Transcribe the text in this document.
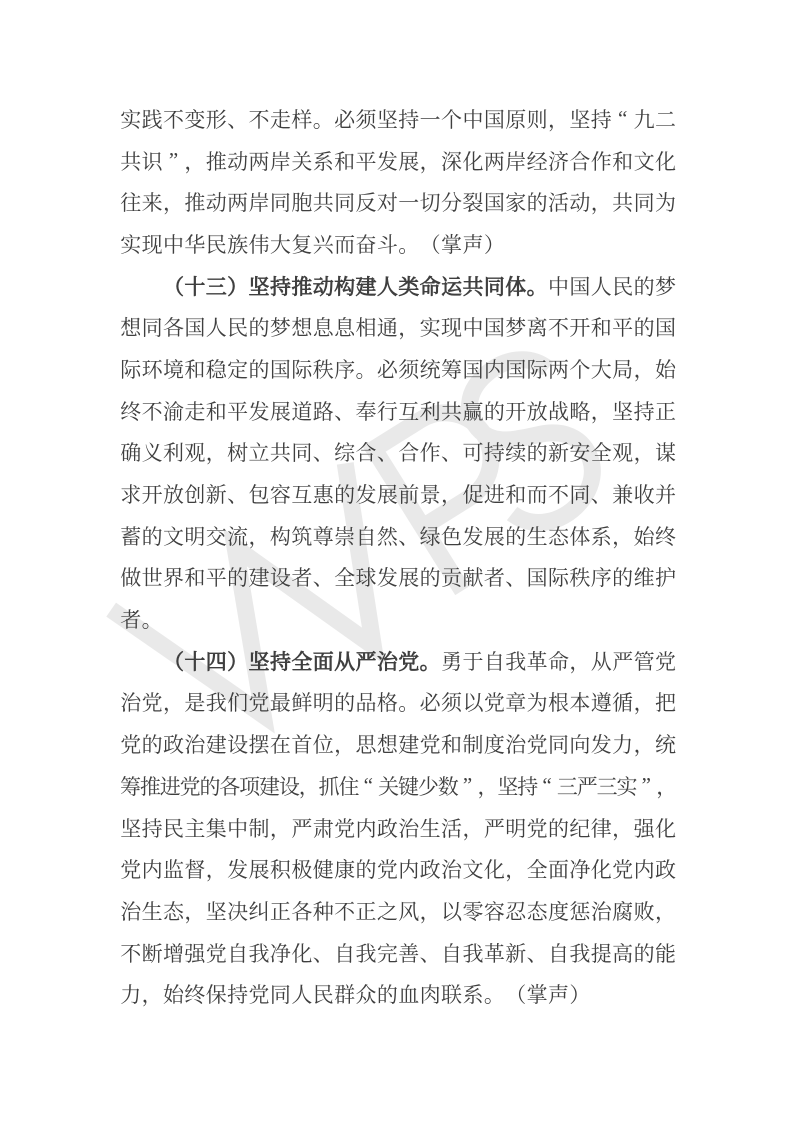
实 践 不 变 形 、 不 走 样 。 必 须 坚 持 一 个 中 国 原 则 ， 坚 持 “ 九 二
共 识 ” ， 推 动 两 岸 关 系 和 平 发 展 ， 深 化 两 岸 经 济 合 作 和 文 化
往 来 ， 推 动 两 岸 同 胞 共 同 反 对 一 切 分 裂 国 家 的 活 动 ， 共 同 为
实 现 中 华 民 族 伟 大 复 兴 而 奋 斗 。 （ 掌 声 ）
（ 十 三 ） 坚 持 推 动 构 建 人 类 命 运 共 同 体 。 中 国 人 民 的 梦
想 同 各 国 人 民 的 梦 想 息 息 相 通 ， 实 现 中 国 梦 离 不 开 和 平 的 国
际 环 境 和 稳 定 的 国 际 秩 序 。 必 须 统 筹 国 内 国 际 两 个 大 局 ， 始
终 不 渝 走 和 平 发 展 道 路 、 奉 行 互 利 共 赢 的 开 放 战 略 ， 坚 持 正
确 义 利 观 ， 树 立 共 同 、 综 合 、 合 作 、 可 持 续 的 新 安 全 观 ， 谋
求 开 放 创 新 、 包 容 互 惠 的 发 展 前 景 ， 促 进 和 而 不 同 、 兼 收 并
蓄 的 文 明 交 流 ， 构 筑 尊 崇 自 然 、 绿 色 发 展 的 生 态 体 系 ， 始 终
做 世 界 和 平 的 建 设 者 、 全 球 发 展 的 贡 献 者 、 国 际 秩 序 的 维 护
者 。
（ 十 四 ） 坚 持 全 面 从 严 治 党 。 勇 于 自 我 革 命 ， 从 严 管 党
治 党 ， 是 我 们 党 最 鲜 明 的 品 格 。 必 须 以 党 章 为 根 本 遵 循 ， 把
党 的 政 治 建 设 摆 在 首 位 ， 思 想 建 党 和 制 度 治 党 同 向 发 力 ， 统
筹
推
进
党
的
各
项
建
设
，
抓
住 “ 关
键
少
数 ” ，
坚
持 “ 三
严
三
实 ” ，
坚 持 民 主 集 中 制 ， 严 肃 党 内 政 治 生 活 ， 严 明 党 的 纪 律 ， 强 化
党 内 监 督 ， 发 展 积 极 健 康 的 党 内 政 治 文 化 ， 全 面 净 化 党 内 政
治 生 态 ， 坚 决 纠 正 各 种 不 正 之 风 ， 以 零 容 忍 态 度 惩 治 腐 败 ，
不 断 增 强 党 自 我 净 化 、 自 我 完 善 、 自 我 革 新 、 自 我 提 高 的 能
力 ， 始 终 保 持 党 同 人 民 群 众 的 血 肉 联 系 。 （ 掌 声 ）
